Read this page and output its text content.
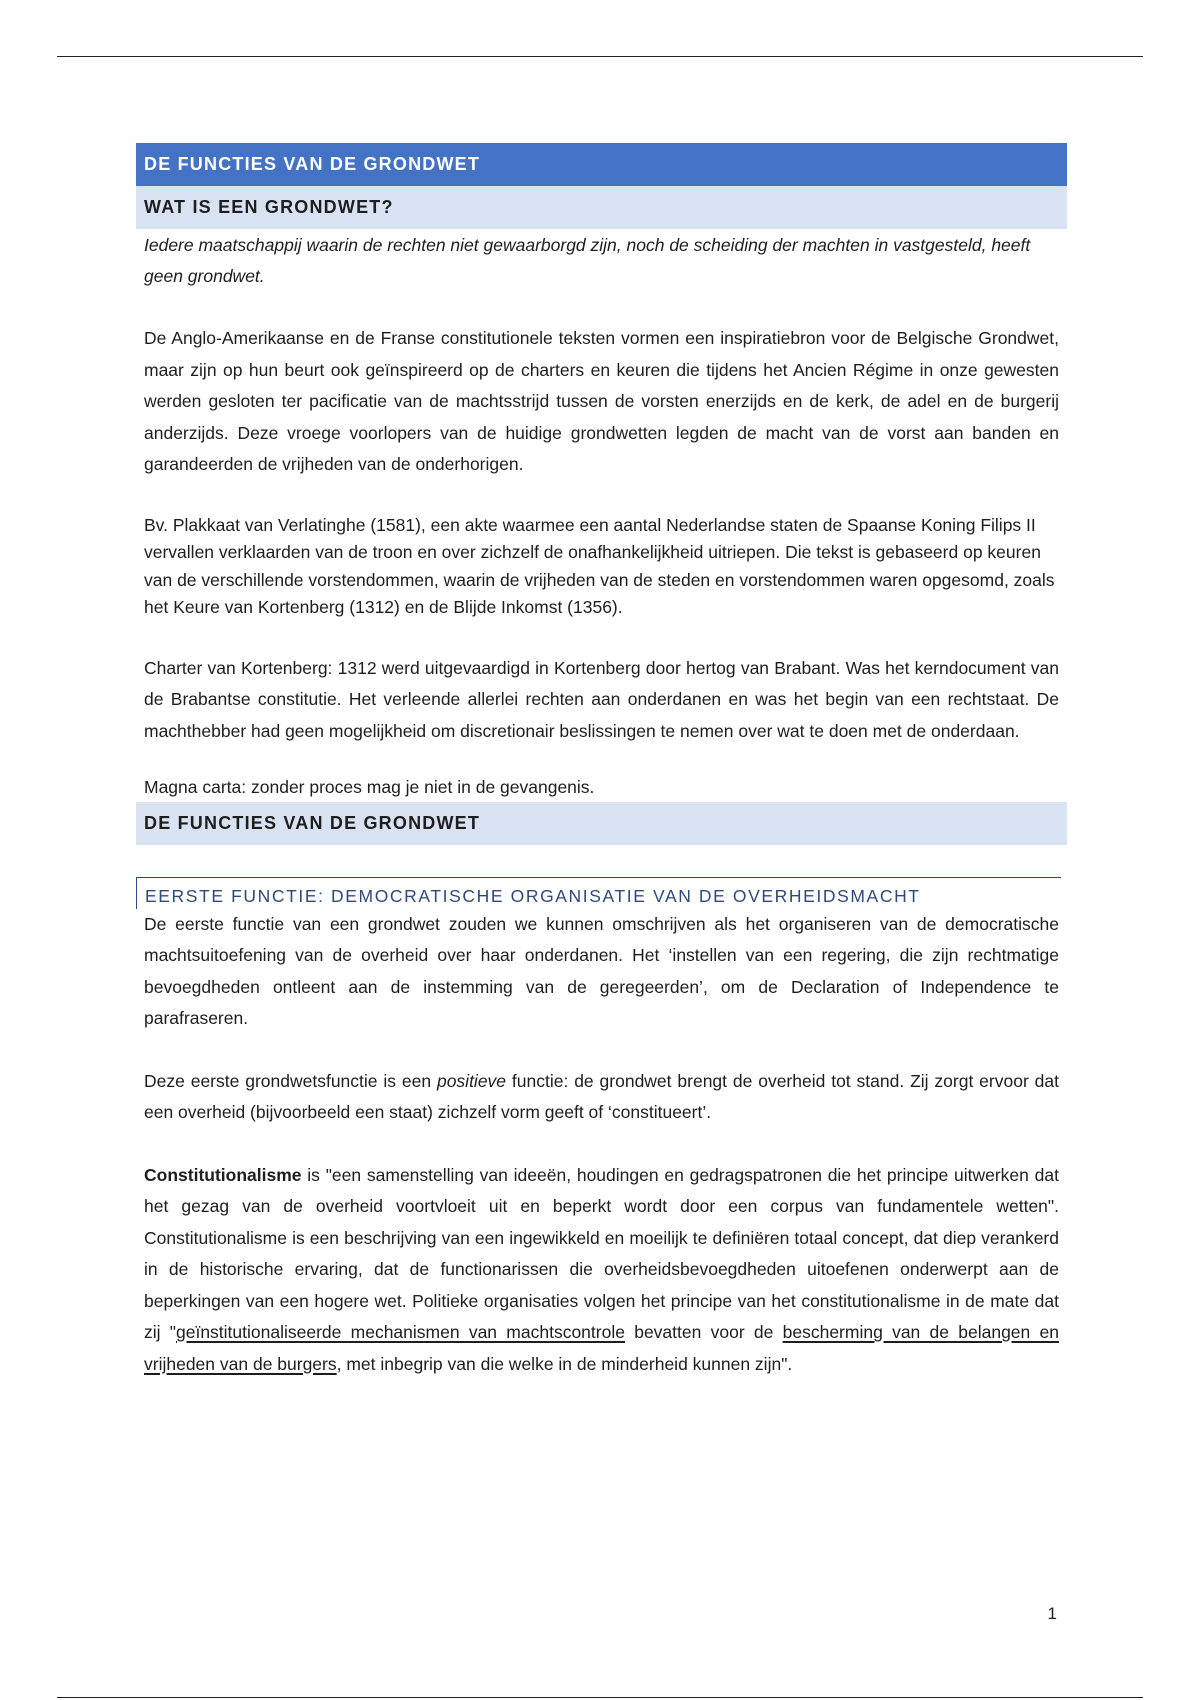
DE FUNCTIES VAN DE GRONDWET
WAT IS EEN GRONDWET?

Iedere maatschappij waarin de rechten niet gewaarborgd zijn, noch de scheiding der machten in vastgesteld, heeft geen grondwet.

De Anglo-Amerikaanse en de Franse constitutionele teksten vormen een inspiratiebron voor de Belgische Grondwet, maar zijn op hun beurt ook geïnspireerd op de charters en keuren die tijdens het Ancien Régime in onze gewesten werden gesloten ter pacificatie van de machtsstrijd tussen de vorsten enerzijds en de kerk, de adel en de burgerij anderzijds. Deze vroege voorlopers van de huidige grondwetten legden de macht van de vorst aan banden en garandeerden de vrijheden van de onderhorigen.

Bv. Plakkaat van Verlatinghe (1581), een akte waarmee een aantal Nederlandse staten de Spaanse Koning Filips II vervallen verklaarden van de troon en over zichzelf de onafhankelijkheid uitriepen. Die tekst is gebaseerd op keuren van de verschillende vorstendommen, waarin de vrijheden van de steden en vorstendommen waren opgesomd, zoals het Keure van Kortenberg (1312) en de Blijde Inkomst (1356).

Charter van Kortenberg: 1312 werd uitgevaardigd in Kortenberg door hertog van Brabant. Was het kerndocument van de Brabantse constitutie. Het verleende allerlei rechten aan onderdanen en was het begin van een rechtstaat. De machthebber had geen mogelijkheid om discretionair beslissingen te nemen over wat te doen met de onderdaan.

Magna carta: zonder proces mag je niet in de gevangenis.

DE FUNCTIES VAN DE GRONDWET
EERSTE FUNCTIE: DEMOCRATISCHE ORGANISATIE VAN DE OVERHEIDSMACHT

De eerste functie van een grondwet zouden we kunnen omschrijven als het organiseren van de democratische machtsuitoefening van de overheid over haar onderdanen. Het ‘instellen van een regering, die zijn rechtmatige bevoegdheden ontleent aan de instemming van de geregeerden’, om de Declaration of Independence te parafraseren.

Deze eerste grondwetsfunctie is een positieve functie: de grondwet brengt de overheid tot stand. Zij zorgt ervoor dat een overheid (bijvoorbeeld een staat) zichzelf vorm geeft of ‘constitueert’.

Constitutionalisme is "een samenstelling van ideeën, houdingen en gedragspatronen die het principe uitwerken dat het gezag van de overheid voortvloeit uit en beperkt wordt door een corpus van fundamentele wetten". Constitutionalisme is een beschrijving van een ingewikkeld en moeilijk te definiëren totaal concept, dat diep verankerd in de historische ervaring, dat de functionarissen die overheidsbevoegdheden uitoefenen onderwerpt aan de beperkingen van een hogere wet. Politieke organisaties volgen het principe van het constitutionalisme in de mate dat zij "geïnstitutionaliseerde mechanismen van machtscontrole bevatten voor de bescherming van de belangen en vrijheden van de burgers, met inbegrip van die welke in de minderheid kunnen zijn".

1
